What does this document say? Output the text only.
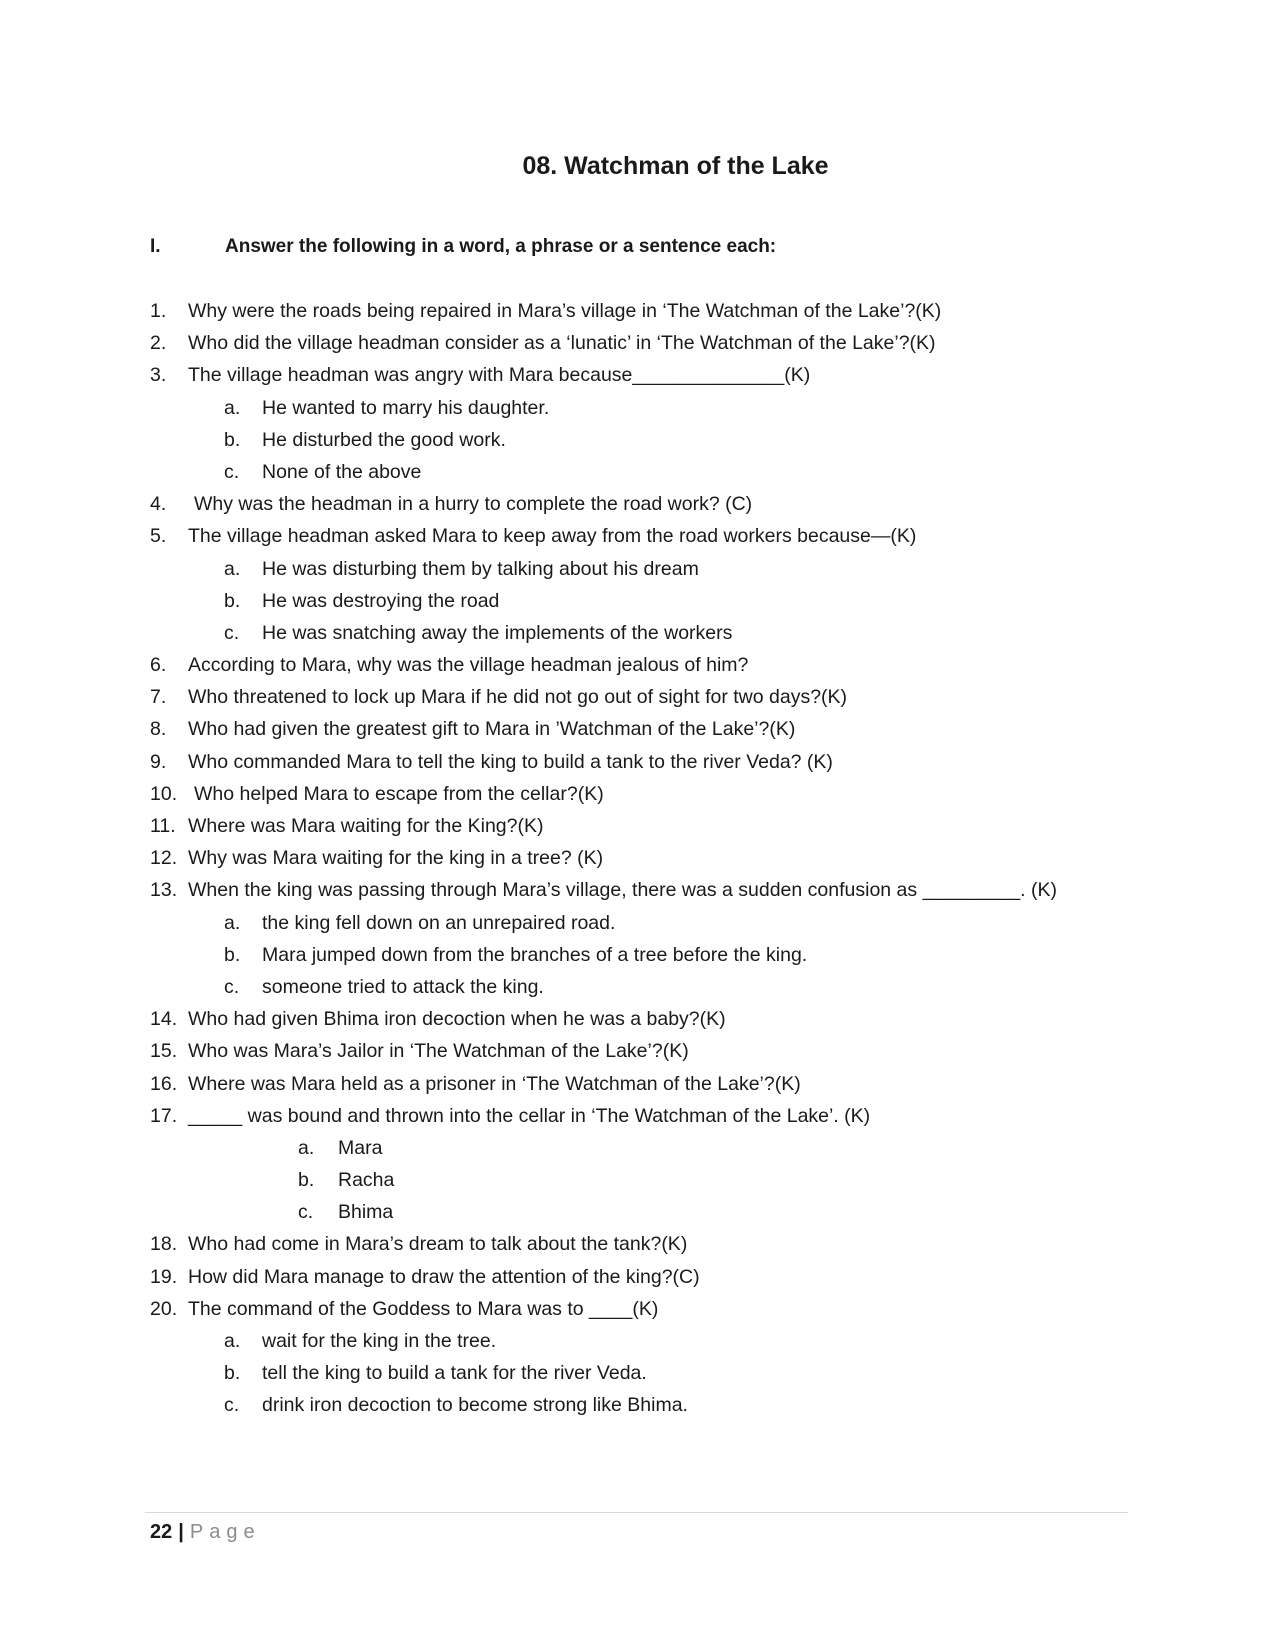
08. Watchman of the Lake
I.	Answer the following in a word, a phrase or a sentence each:
1. Why were the roads being repaired in Mara’s village in ‘The Watchman of the Lake’?(K)
2. Who did the village headman consider as a ‘lunatic’ in ‘The Watchman of the Lake’?(K)
3. The village headman was angry with Mara because______________(K)
a. He wanted to marry his daughter.
b. He disturbed the good work.
c. None of the above
4. Why was the headman in a hurry to complete the road work? (C)
5. The village headman asked Mara to keep away from the road workers because—(K)
a. He was disturbing them by talking about his dream
b. He was destroying the road
c. He was snatching away the implements of the workers
6. According to Mara, why was the village headman jealous of him?
7. Who threatened to lock up Mara if he did not go out of sight for two days?(K)
8. Who had given the greatest gift to Mara in ’Watchman of the Lake’?(K)
9. Who commanded Mara to tell the king to build a tank to the river Veda? (K)
10. Who helped Mara to escape from the cellar?(K)
11. Where was Mara waiting for the King?(K)
12. Why was Mara waiting for the king in a tree? (K)
13. When the king was passing through Mara’s village, there was a sudden confusion as _________. (K)
a. the king fell down on an unrepaired road.
b. Mara jumped down from the branches of a tree before the king.
c. someone tried to attack the king.
14. Who had given Bhima iron decoction when he was a baby?(K)
15. Who was Mara’s Jailor in ‘The Watchman of the Lake’?(K)
16. Where was Mara held as a prisoner in ‘The Watchman of the Lake’?(K)
17. _____ was bound and thrown into the cellar in ‘The Watchman of the Lake’. (K)
a. Mara
b. Racha
c. Bhima
18. Who had come in Mara’s dream to talk about the tank?(K)
19. How did Mara manage to draw the attention of the king?(C)
20. The command of the Goddess to Mara was to ____(K)
a. wait for the king in the tree.
b. tell the king to build a tank for the river Veda.
c. drink iron decoction to become strong like Bhima.
22 | Page
